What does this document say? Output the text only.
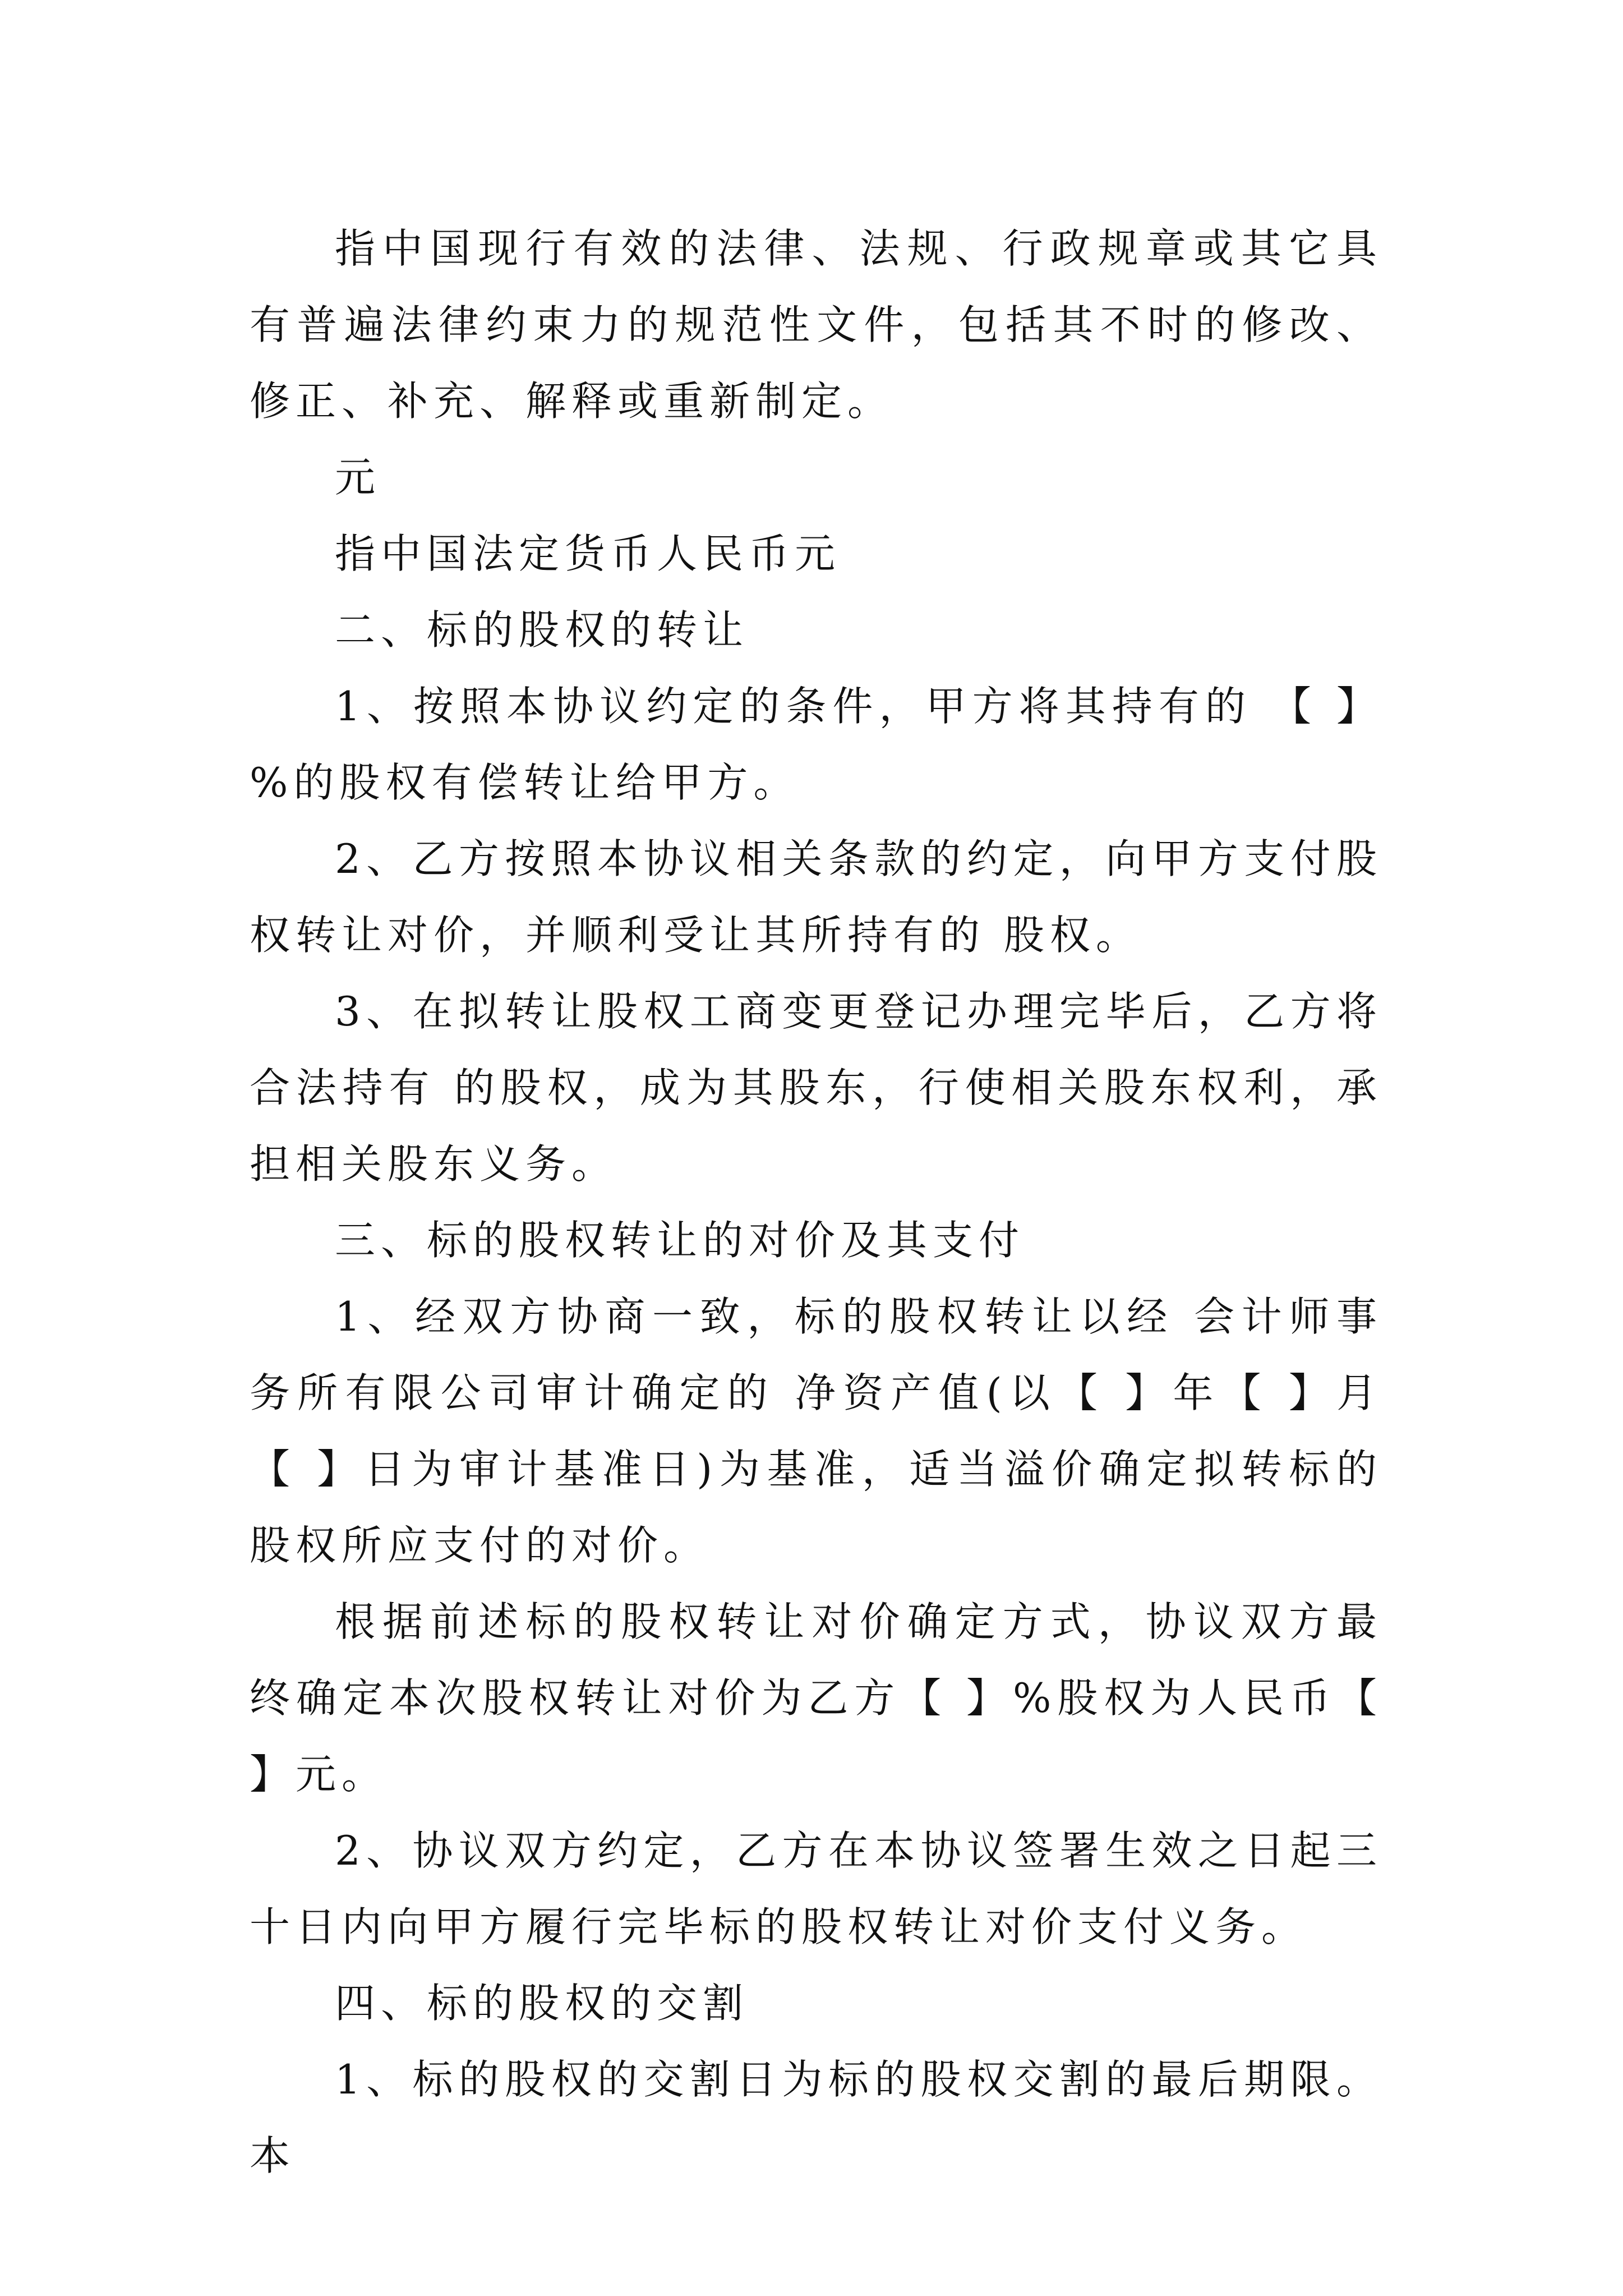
指中国现行有效的法律、法规、行政规章或其它具有普遍法律约束力的规范性文件，包括其不时的修改、修正、补充、解释或重新制定。

元

指中国法定货币人民币元

二、标的股权的转让

1、按照本协议约定的条件，甲方将其持有的 【 】%的股权有偿转让给甲方。

2、乙方按照本协议相关条款的约定，向甲方支付股权转让对价，并顺利受让其所持有的 股权。

3、在拟转让股权工商变更登记办理完毕后，乙方将合法持有 的股权，成为其股东，行使相关股东权利，承担相关股东义务。

三、标的股权转让的对价及其支付

1、经双方协商一致，标的股权转让以经 会计师事务所有限公司审计确定的 净资产值(以【 】年【 】月【 】日为审计基准日)为基准，适当溢价确定拟转标的股权所应支付的对价。

根据前述标的股权转让对价确定方式，协议双方最终确定本次股权转让对价为乙方【 】%股权为人民币【 】元。

2、协议双方约定，乙方在本协议签署生效之日起三十日内向甲方履行完毕标的股权转让对价支付义务。

四、标的股权的交割

1、标的股权的交割日为标的股权交割的最后期限。本
